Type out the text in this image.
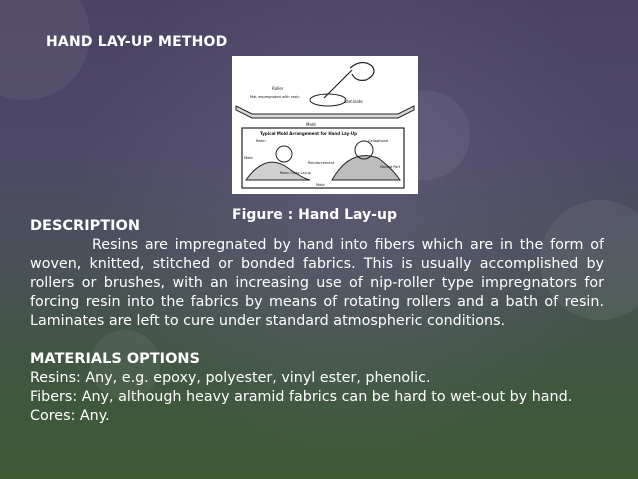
HAND LAY-UP METHOD
Roller
Mat impregnated with resin
Laminate
Mold
Typical Mold Arrangement for Hand Lay-Up
Resin	Cellophane
Mold
Resin Glass Layup
Reinforcement
Molded Part
Mold
Figure : Hand Lay-up

DESCRIPTION

Resins are impregnated by hand into fibers which are in the form of woven, knitted, stitched or bonded fabrics. This is usually accomplished by rollers or brushes, with an increasing use of nip-roller type impregnators for forcing resin into the fabrics by means of rotating rollers and a bath of resin. Laminates are left to cure under standard atmospheric conditions.

MATERIALS OPTIONS

Resins: Any, e.g. epoxy, polyester, vinyl ester, phenolic.

Fibers: Any, although heavy aramid fabrics can be hard to wet-out by hand.

Cores: Any.
